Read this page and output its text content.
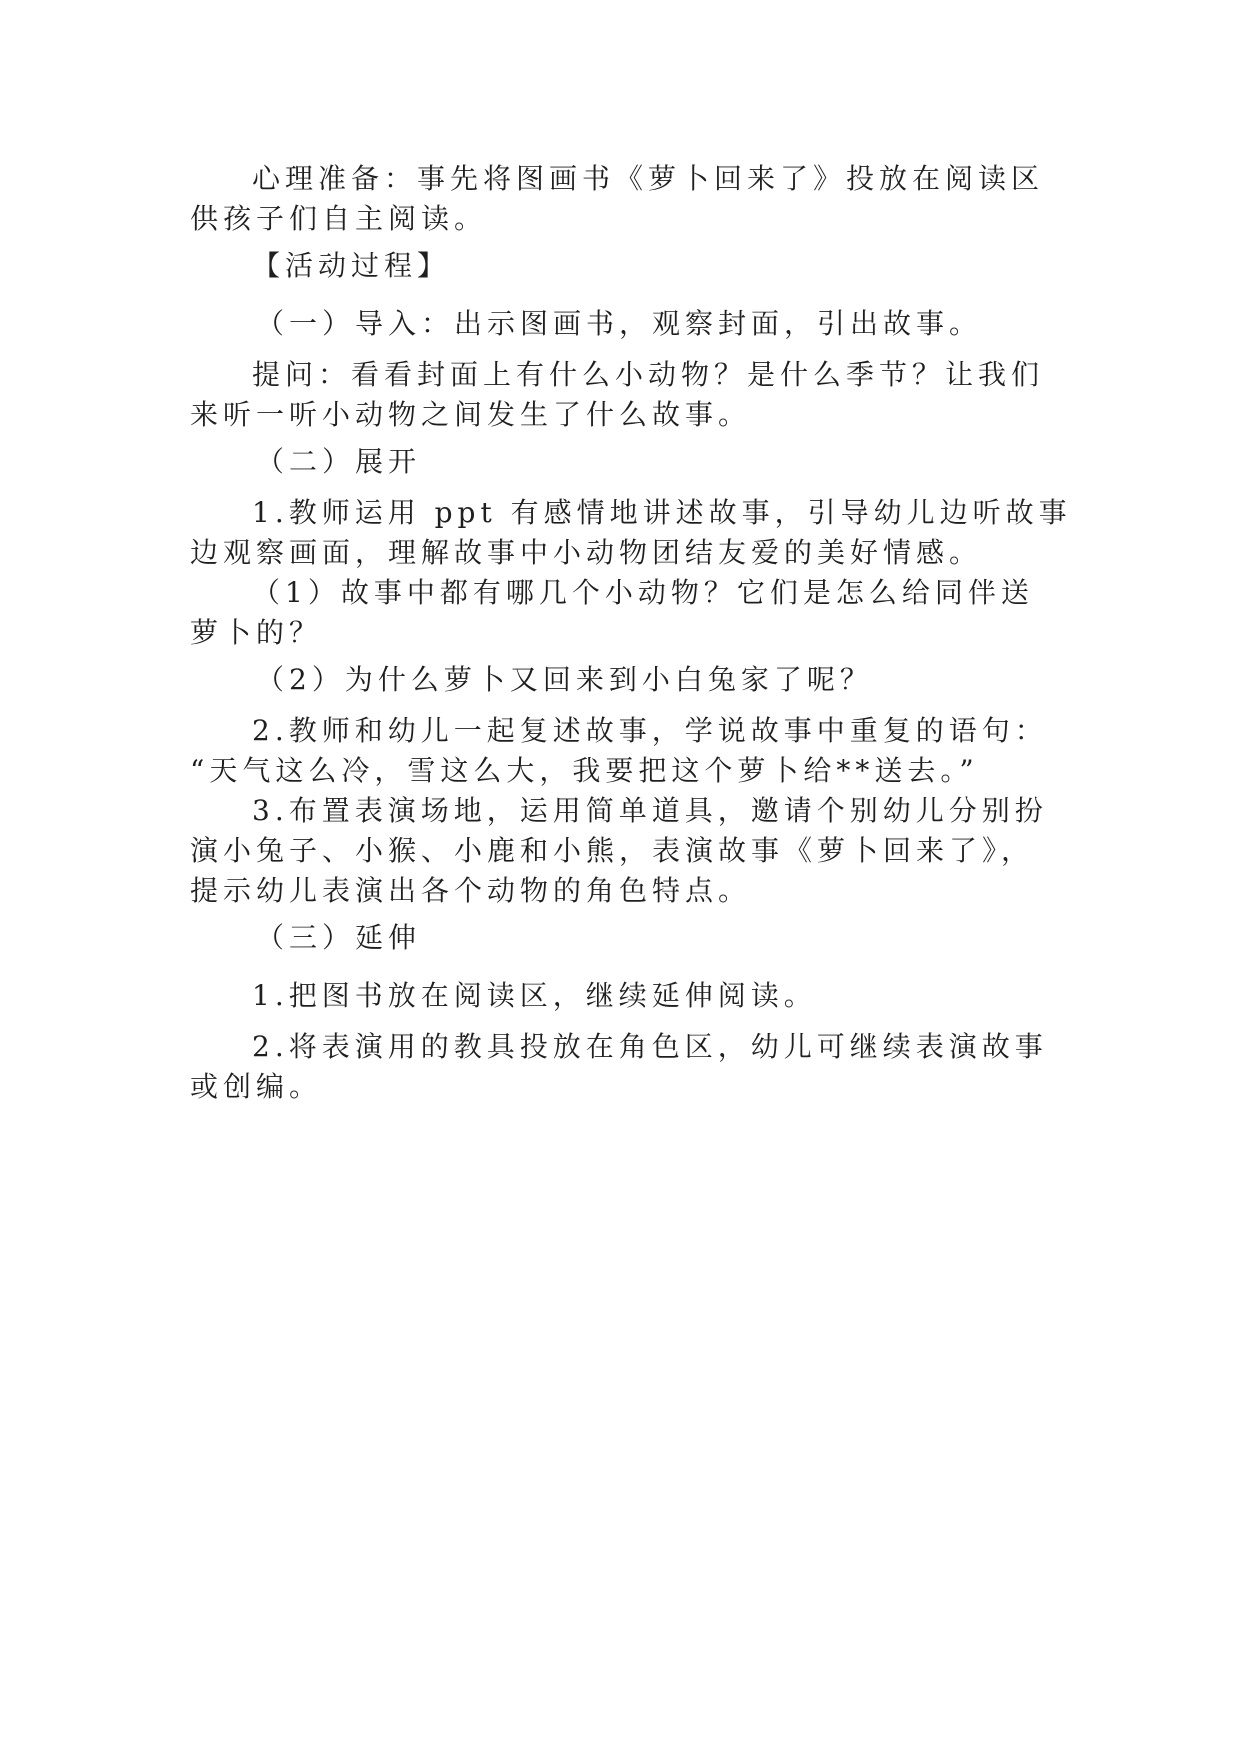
心理准备：事先将图画书《萝卜回来了》投放在阅读区
供孩子们自主阅读。
【活动过程】
（一）导入：出示图画书，观察封面，引出故事。
提问：看看封面上有什么小动物？是什么季节？让我们
来听一听小动物之间发生了什么故事。
（二）展开
1.教师运用 ppt 有感情地讲述故事，引导幼儿边听故事
边观察画面，理解故事中小动物团结友爱的美好情感。
（1）故事中都有哪几个小动物？它们是怎么给同伴送
萝卜的？
（2）为什么萝卜又回来到小白兔家了呢？
2.教师和幼儿一起复述故事，学说故事中重复的语句：
“天气这么冷，雪这么大，我要把这个萝卜给**送去。”
3.布置表演场地，运用简单道具，邀请个别幼儿分别扮
演小兔子、小猴、小鹿和小熊，表演故事《萝卜回来了》，
提示幼儿表演出各个动物的角色特点。
（三）延伸
1.把图书放在阅读区，继续延伸阅读。
2.将表演用的教具投放在角色区，幼儿可继续表演故事
或创编。
